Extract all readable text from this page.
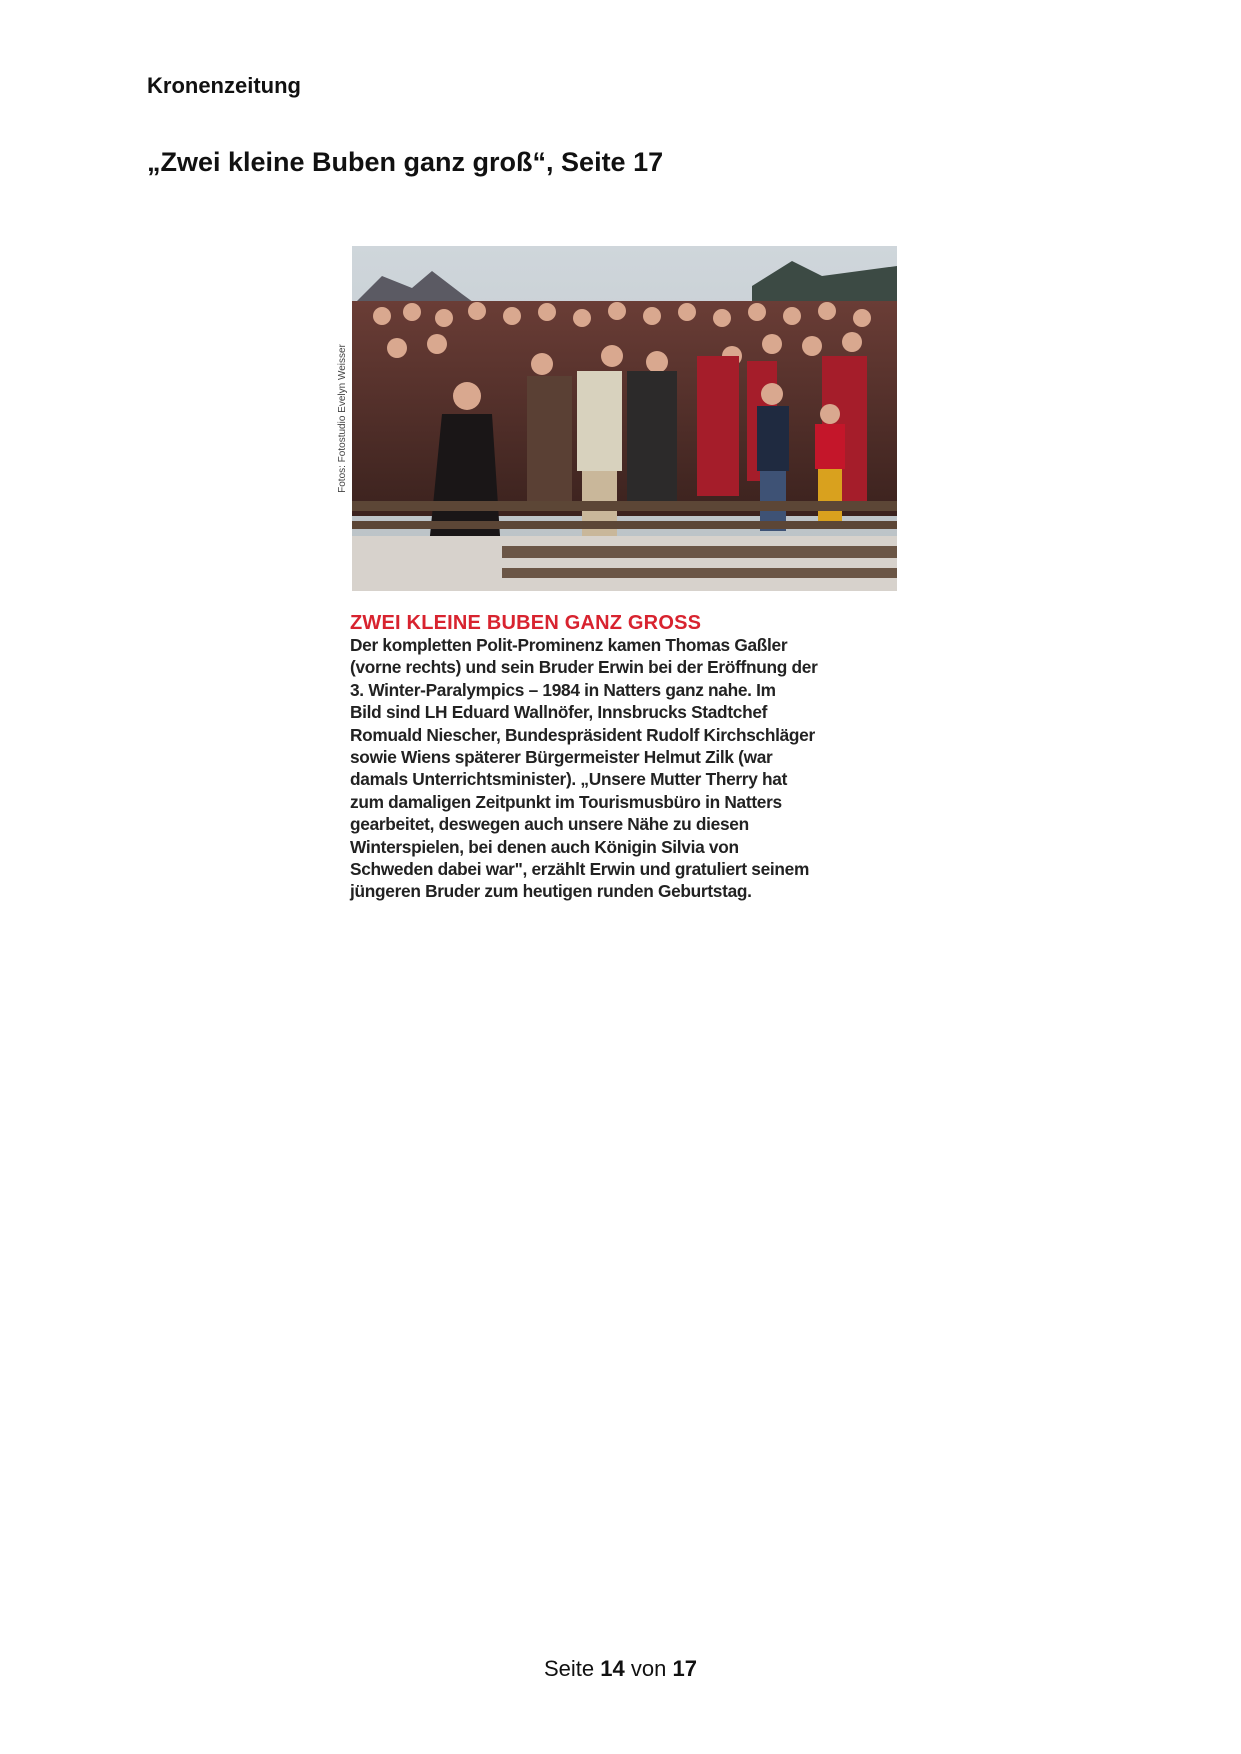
Kronenzeitung
„Zwei kleine Buben ganz groß“, Seite 17
Fotos: Fotostudio Evelyn Weisser
ZWEI KLEINE BUBEN GANZ GROSS
Der kompletten Polit-Prominenz kamen Thomas Gaßler
(vorne rechts) und sein Bruder Erwin bei der Eröffnung der
3. Winter-Paralympics – 1984 in Natters ganz nahe. Im
Bild sind LH Eduard Wallnöfer, Innsbrucks Stadtchef
Romuald Niescher, Bundespräsident Rudolf Kirchschläger
sowie Wiens späterer Bürgermeister Helmut Zilk (war
damals Unterrichtsminister). „Unsere Mutter Therry hat
zum damaligen Zeitpunkt im Tourismusbüro in Natters
gearbeitet, deswegen auch unsere Nähe zu diesen
Winterspielen, bei denen auch Königin Silvia von
Schweden dabei war", erzählt Erwin und gratuliert seinem
jüngeren Bruder zum heutigen runden Geburtstag.
Seite 14 von 17
